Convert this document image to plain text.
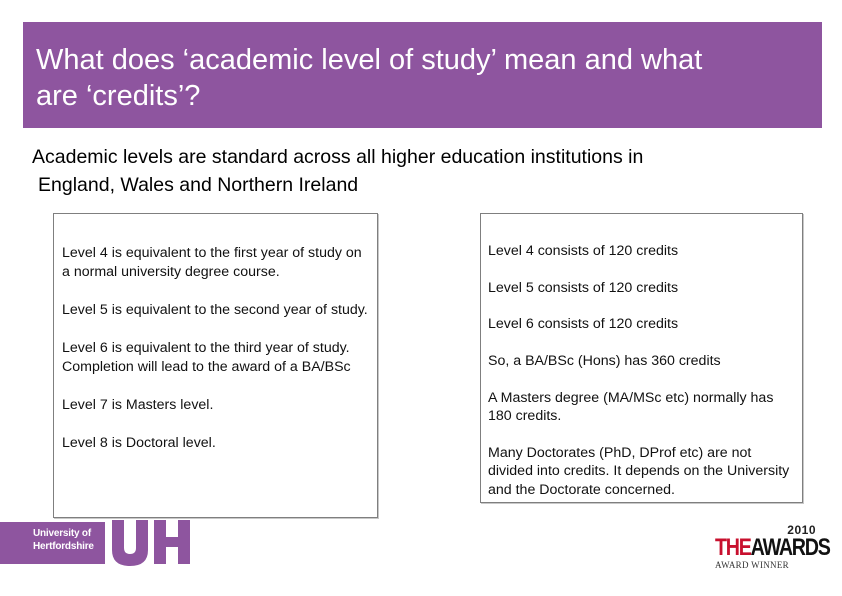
What does ‘academic level of study’ mean and what
are ‘credits’?
Academic levels are standard across all higher education institutions in
England, Wales and Northern Ireland

Level 4 is equivalent to the first year of study on a normal university degree course.

Level 5 is equivalent to the second year of study.

Level 6 is equivalent to the third year of study. Completion will lead to the award of a BA/BSc

Level 7 is Masters level.

Level 8 is Doctoral level.

Level 4 consists of 120 credits

Level 5 consists of 120 credits

Level 6 consists of 120 credits

So, a BA/BSc (Hons) has 360 credits

A Masters degree (MA/MSc etc) normally has 180 credits.

Many Doctorates (PhD, DProf etc) are not divided into credits. It depends on the University and the Doctorate concerned.

University of
Hertfordshire
2010
THEAWARDS
AWARD WINNER
